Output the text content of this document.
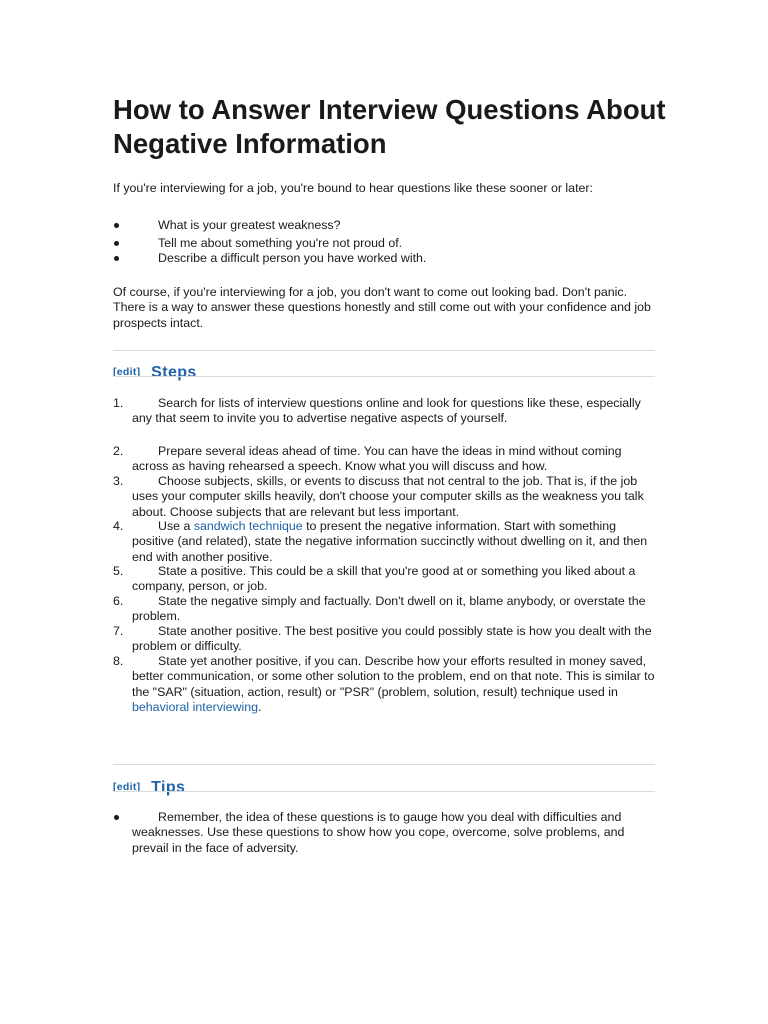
How to Answer Interview Questions About Negative Information

If you're interviewing for a job, you're bound to hear questions like these sooner or later:

What is your greatest weakness?
Tell me about something you're not proud of.
Describe a difficult person you have worked with.

Of course, if you're interviewing for a job, you don't want to come out looking bad. Don't panic. There is a way to answer these questions honestly and still come out with your confidence and job prospects intact.

[edit] Steps
1.	Search for lists of interview questions online and look for questions like these, especially any that seem to invite you to advertise negative aspects of yourself.
2.	Prepare several ideas ahead of time. You can have the ideas in mind without coming across as having rehearsed a speech. Know what you will discuss and how.
3.	Choose subjects, skills, or events to discuss that not central to the job. That is, if the job uses your computer skills heavily, don't choose your computer skills as the weakness you talk about. Choose subjects that are relevant but less important.
4.	Use a sandwich technique to present the negative information. Start with something positive (and related), state the negative information succinctly without dwelling on it, and then end with another positive.
5.	State a positive. This could be a skill that you're good at or something you liked about a company, person, or job.
6.	State the negative simply and factually. Don't dwell on it, blame anybody, or overstate the problem.
7.	State another positive. The best positive you could possibly state is how you dealt with the problem or difficulty.
8.	State yet another positive, if you can. Describe how your efforts resulted in money saved, better communication, or some other solution to the problem, end on that note. This is similar to the "SAR" (situation, action, result) or "PSR" (problem, solution, result) technique used in behavioral interviewing.
[edit] Tips
Remember, the idea of these questions is to gauge how you deal with difficulties and weaknesses. Use these questions to show how you cope, overcome, solve problems, and prevail in the face of adversity.
